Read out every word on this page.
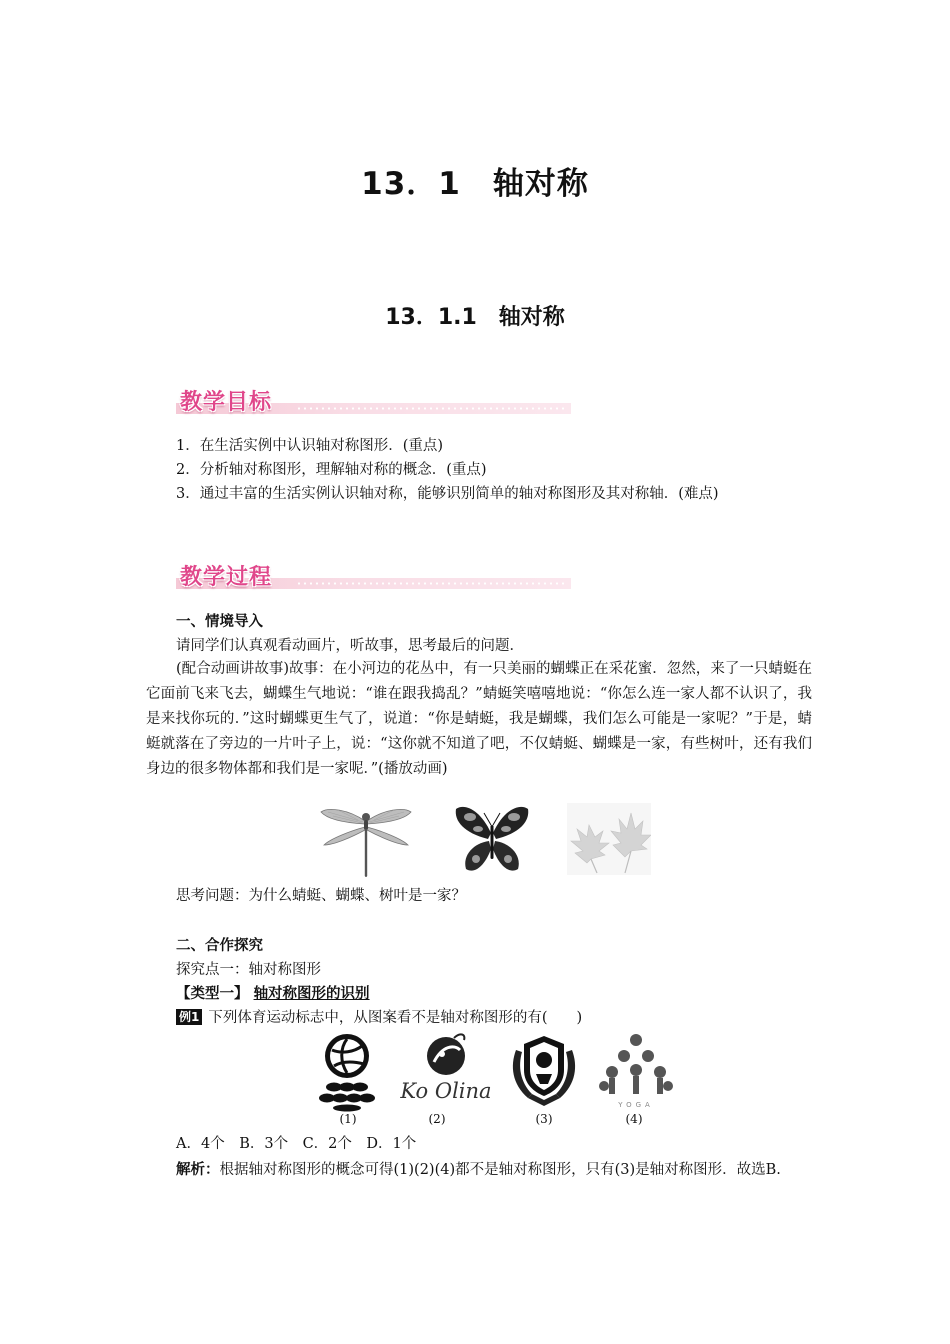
13．1　轴对称
13．1.1　轴对称
教学目标
1．在生活实例中认识轴对称图形．(重点)
2．分析轴对称图形，理解轴对称的概念．(重点)
3．通过丰富的生活实例认识轴对称，能够识别简单的轴对称图形及其对称轴．(难点)
教学过程
一、情境导入
请同学们认真观看动画片，听故事，思考最后的问题．
(配合动画讲故事)故事：在小河边的花丛中，有一只美丽的蝴蝶正在采花蜜．忽然，来了一只蜻蜓在它面前飞来飞去，蝴蝶生气地说：“谁在跟我捣乱？”蜻蜓笑嘻嘻地说：“你怎么连一家人都不认识了，我是来找你玩的．”这时蝴蝶更生气了，说道：“你是蜻蜓，我是蝴蝶，我们怎么可能是一家呢？”于是，蜻蜓就落在了旁边的一片叶子上，说：“这你就不知道了吧，不仅蜻蜓、蝴蝶是一家，有些树叶，还有我们身边的很多物体都和我们是一家呢．”(播放动画)
思考问题：为什么蜻蜓、蝴蝶、树叶是一家？
二、合作探究
探究点一：轴对称图形
【类型一】 轴对称图形的识别
例1 下列体育运动标志中，从图案看不是轴对称图形的有(　　)
(1)
Ko Olina
(2)	(3)
YOGA
(4)
A．4个　B．3个　C．2个　D．1个
解析：根据轴对称图形的概念可得(1)(2)(4)都不是轴对称图形，只有(3)是轴对称图形．故选B.
